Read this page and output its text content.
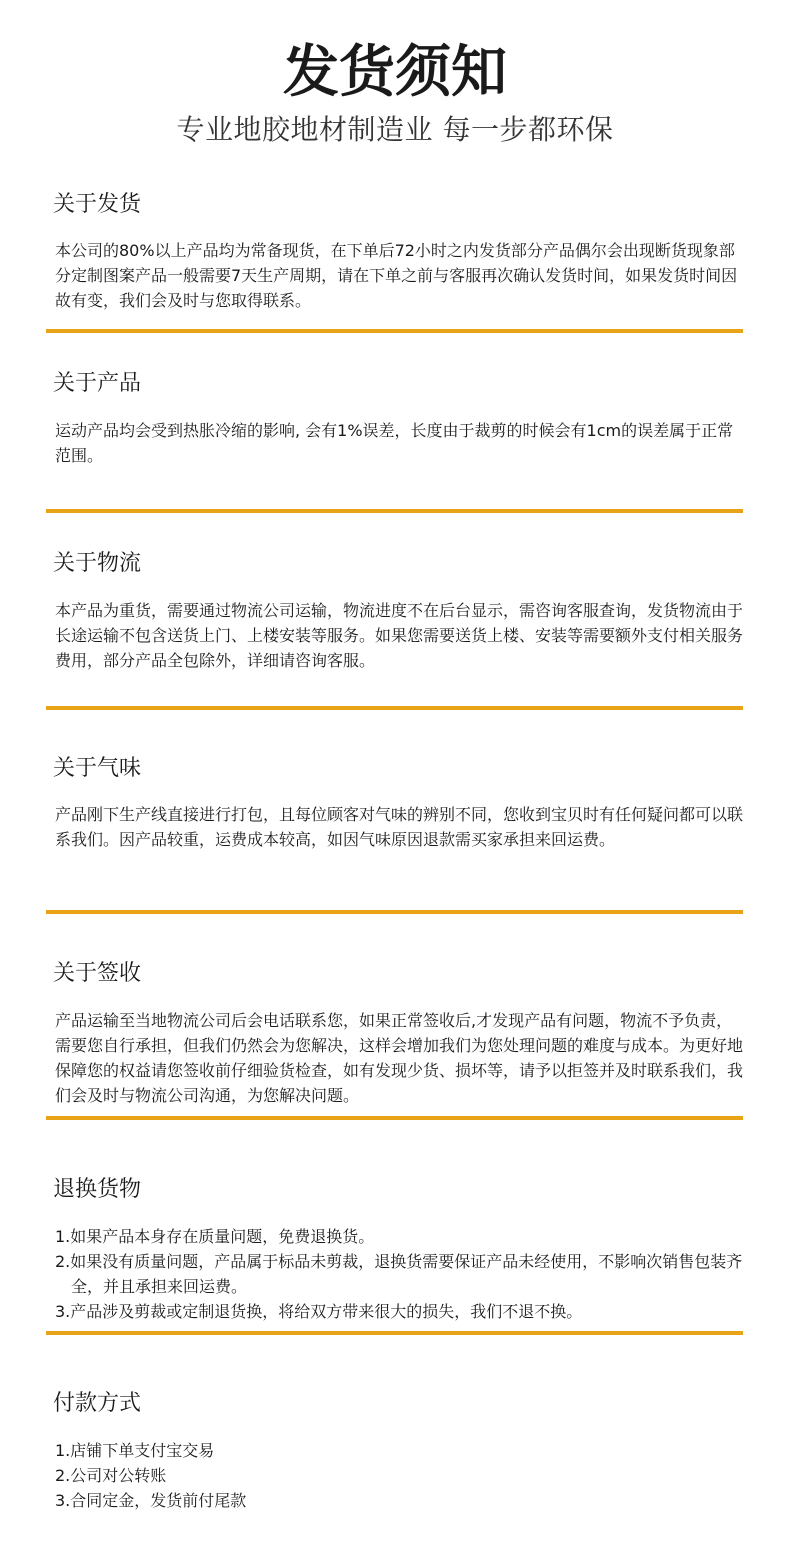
发货须知
专业地胶地材制造业 每一步都环保
关于发货

本公司的80%以上产品均为常备现货，在下单后72小时之内发货部分产品偶尔会出现断货现象部分定制图案产品一般需要7天生产周期，请在下单之前与客服再次确认发货时间，如果发货时间因故有变，我们会及时与您取得联系。

关于产品

运动产品均会受到热胀冷缩的影响, 会有1%误差，长度由于裁剪的时候会有1cm的误差属于正常范围。

关于物流

本产品为重货，需要通过物流公司运输，物流进度不在后台显示，需咨询客服查询，发货物流由于长途运输不包含送货上门、上楼安装等服务。如果您需要送货上楼、安装等需要额外支付相关服务费用，部分产品全包除外，详细请咨询客服。

关于气味

产品刚下生产线直接进行打包，且每位顾客对气味的辨别不同，您收到宝贝时有任何疑问都可以联系我们。因产品较重，运费成本较高，如因气味原因退款需买家承担来回运费。

关于签收

产品运输至当地物流公司后会电话联系您，如果正常签收后,才发现产品有问题，物流不予负责，需要您自行承担，但我们仍然会为您解决，这样会增加我们为您处理问题的难度与成本。为更好地保障您的权益请您签收前仔细验货检查，如有发现少货、损坏等，请予以拒签并及时联系我们，我们会及时与物流公司沟通，为您解决问题。

退换货物
1.如果产品本身存在质量问题，免费退换货。
2.如果没有质量问题，产品属于标品未剪裁，退换货需要保证产品未经使用，不影响次销售包装齐全，并且承担来回运费。
3.产品涉及剪裁或定制退货换，将给双方带来很大的损失，我们不退不换。
付款方式
1.店铺下单支付宝交易
2.公司对公转账
3.合同定金，发货前付尾款
